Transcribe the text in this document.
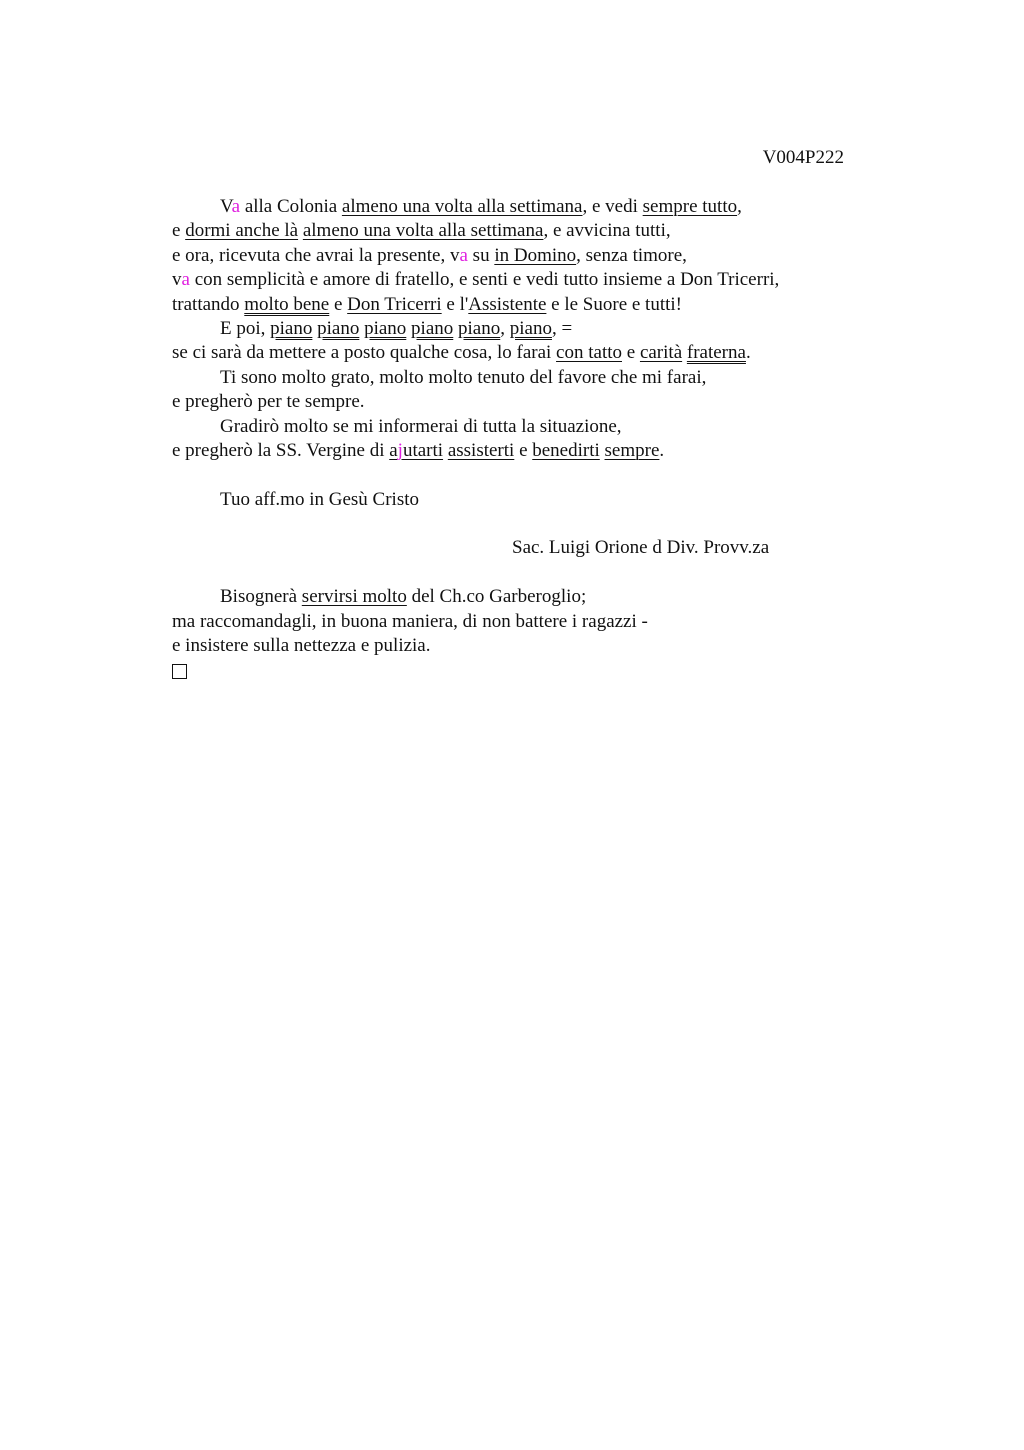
V004P222
Va alla Colonia almeno una volta alla settimana, e vedi sempre tutto,
e dormi anche là almeno una volta alla settimana, e avvicina tutti,
e ora, ricevuta che avrai la presente, va su in Domino, senza timore,
va con semplicità e amore di fratello, e senti e vedi tutto insieme a Don Tricerri,
trattando molto bene e Don Tricerri e l'Assistente e le Suore e tutti!
E poi, piano piano piano piano piano, piano, =
se ci sarà da mettere a posto qualche cosa, lo farai con tatto e carità fraterna.
Ti sono molto grato, molto molto tenuto del favore che mi farai,
e pregherò per te sempre.
Gradirò molto se mi informerai di tutta la situazione,
e pregherò la SS. Vergine di ajutarti assisterti e benedirti sempre.
Tuo aff.mo in Gesù Cristo
Sac. Luigi Orione d Div. Provv.za
Bisognerà servirsi molto del Ch.co Garberoglio;
ma raccomandagli, in buona maniera, di non battere i ragazzi -
e insistere sulla nettezza e pulizia.
